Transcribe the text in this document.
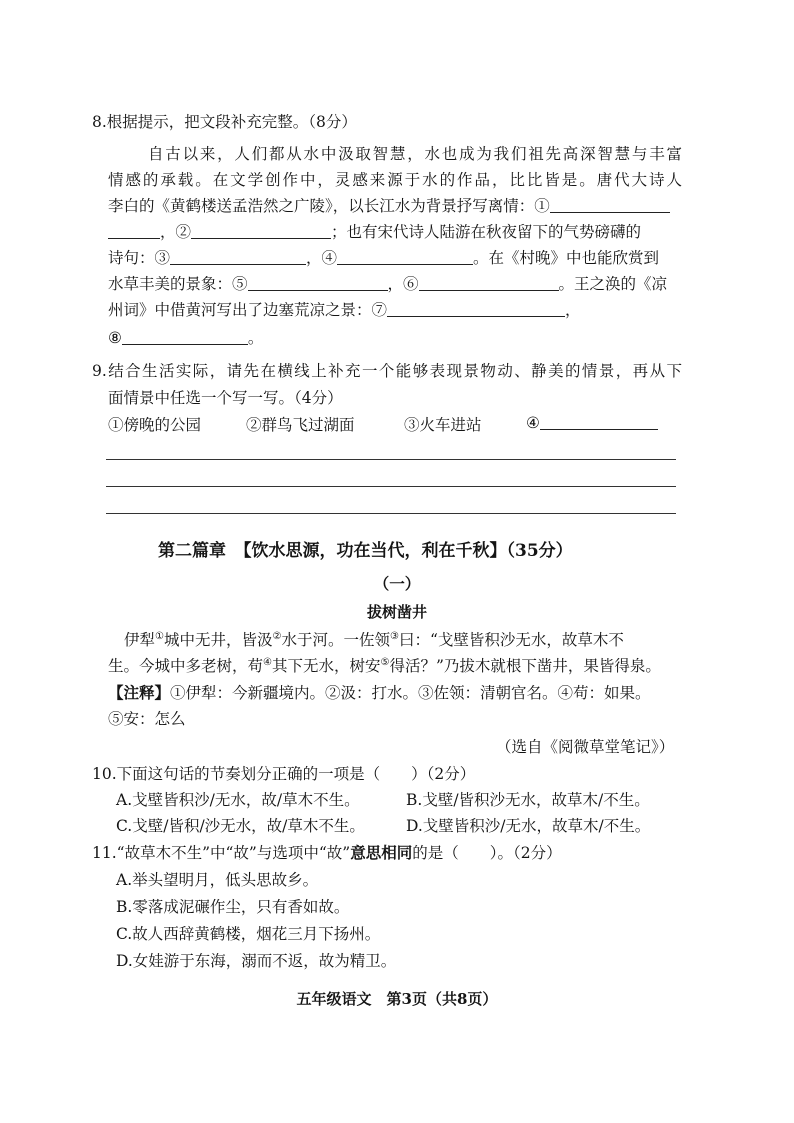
8.根据提示，把文段补充完整。（8分）
自古以来，人们都从水中汲取智慧，水也成为我们祖先高深智慧与丰富
情感的承载。在文学创作中，灵感来源于水的作品，比比皆是。唐代大诗人
李白的《黄鹤楼送孟浩然之广陵》，以长江水为背景抒写离情：①
，②	；也有宋代诗人陆游在秋夜留下的气势磅礴的
诗句：③	，④	。在《村晚》中也能欣赏到
水草丰美的景象：⑤	，⑥	。王之涣的《凉
州词》中借黄河写出了边塞荒凉之景：⑦	，
⑧	。
9.结合生活实际，请先在横线上补充一个能够表现景物动、静美的情景，再从下
面情景中任选一个写一写。（4分）
①傍晚的公园	②群鸟飞过湖面	③火车进站	④
第二篇章　 【饮水思源，功在当代，利在千秋】（35分）
（一）
拔树凿井
伊犁①城中无井，皆汲②水于河。一佐领③曰：“戈壁皆积沙无水，故草木不
生。今城中多老树，苟④其下无水，树安⑤得活？”乃拔木就根下凿井，果皆得泉。
【注释】①伊犁：今新疆境内。②汲：打水。③佐领：清朝官名。④苟：如果。
⑤安：怎么
（选自《阅微草堂笔记》）
10.下面这句话的节奏划分正确的一项是（　　）（2分）
A.戈壁皆积沙/无水，故/草木不生。	B.戈壁/皆积沙无水，故草木/不生。
C.戈壁/皆积/沙无水，故/草木不生。	D.戈壁皆积沙/无水，故草木/不生。
11.“故草木不生”中“故”与选项中“故”意思相同的是（　　）。（2分）
A.举头望明月，低头思故乡。
B.零落成泥碾作尘，只有香如故。
C.故人西辞黄鹤楼，烟花三月下扬州。
D.女娃游于东海，溺而不返，故为精卫。
五年级语文　第3页（共8页）
